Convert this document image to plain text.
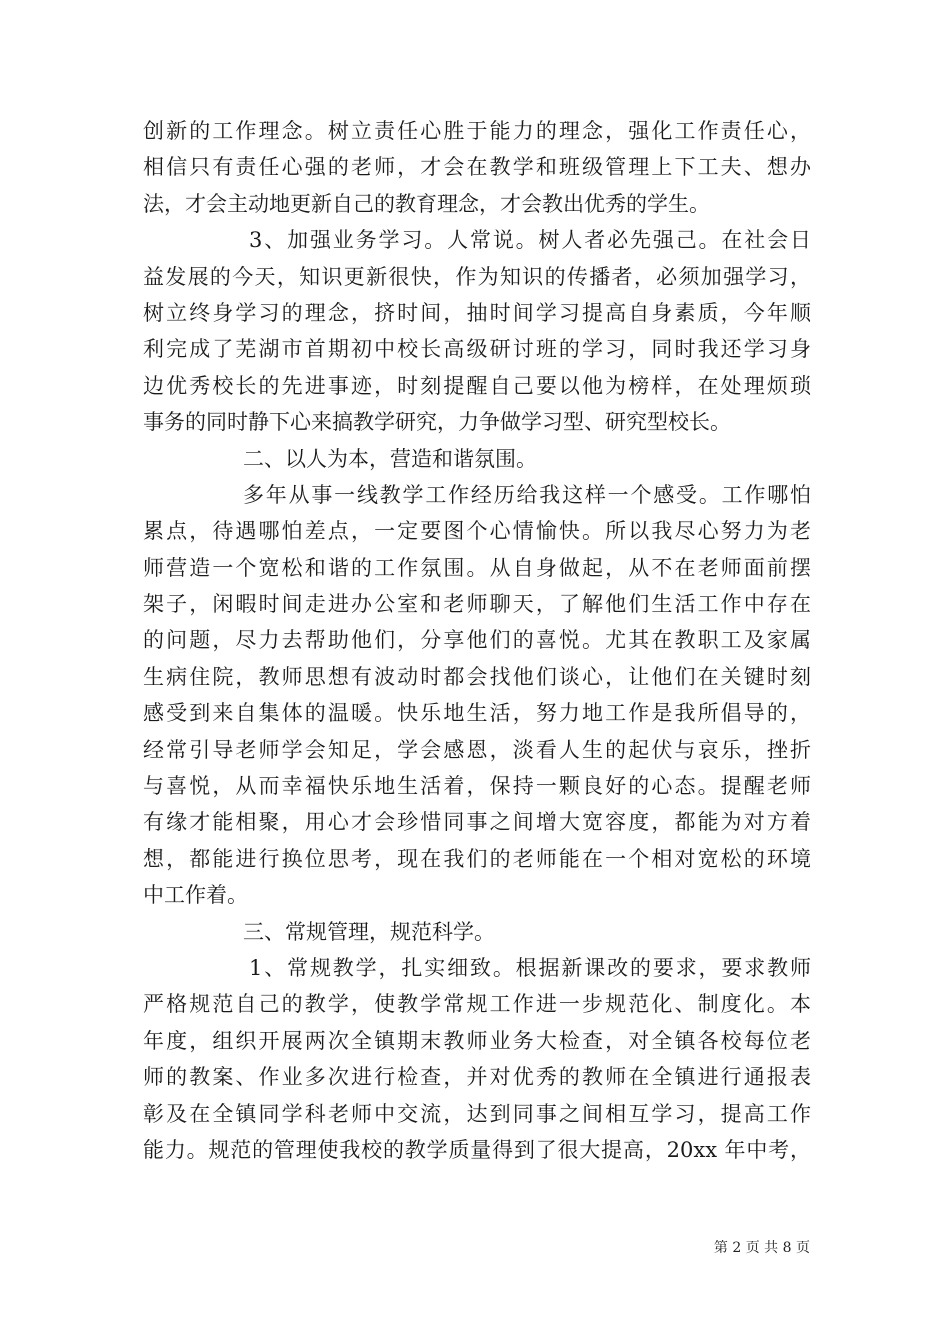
创新的工作理念。树立责任心胜于能力的理念，强化工作责任心，
相信只有责任心强的老师，才会在教学和班级管理上下工夫、想办
法，才会主动地更新自己的教育理念，才会教出优秀的学生。
3、加强业务学习。人常说。树人者必先强己。在社会日
益发展的今天，知识更新很快，作为知识的传播者，必须加强学习，
树立终身学习的理念，挤时间，抽时间学习提高自身素质，今年顺
利完成了芜湖市首期初中校长高级研讨班的学习，同时我还学习身
边优秀校长的先进事迹，时刻提醒自己要以他为榜样，在处理烦琐
事务的同时静下心来搞教学研究，力争做学习型、研究型校长。
二、以人为本，营造和谐氛围。
多年从事一线教学工作经历给我这样一个感受。工作哪怕
累点，待遇哪怕差点，一定要图个心情愉快。所以我尽心努力为老
师营造一个宽松和谐的工作氛围。从自身做起，从不在老师面前摆
架子，闲暇时间走进办公室和老师聊天，了解他们生活工作中存在
的问题，尽力去帮助他们，分享他们的喜悦。尤其在教职工及家属
生病住院，教师思想有波动时都会找他们谈心，让他们在关键时刻
感受到来自集体的温暖。快乐地生活，努力地工作是我所倡导的，
经常引导老师学会知足，学会感恩，淡看人生的起伏与哀乐，挫折
与喜悦，从而幸福快乐地生活着，保持一颗良好的心态。提醒老师
有缘才能相聚，用心才会珍惜同事之间增大宽容度，都能为对方着
想，都能进行换位思考，现在我们的老师能在一个相对宽松的环境
中工作着。
三、常规管理，规范科学。
1、常规教学，扎实细致。根据新课改的要求，要求教师
严格规范自己的教学，使教学常规工作进一步规范化、制度化。本
年度，组织开展两次全镇期末教师业务大检查，对全镇各校每位老
师的教案、作业多次进行检查，并对优秀的教师在全镇进行通报表
彰及在全镇同学科老师中交流，达到同事之间相互学习，提高工作
能力。规范的管理使我校的教学质量得到了很大提高，20xx 年中考，
第 2 页 共 8 页
